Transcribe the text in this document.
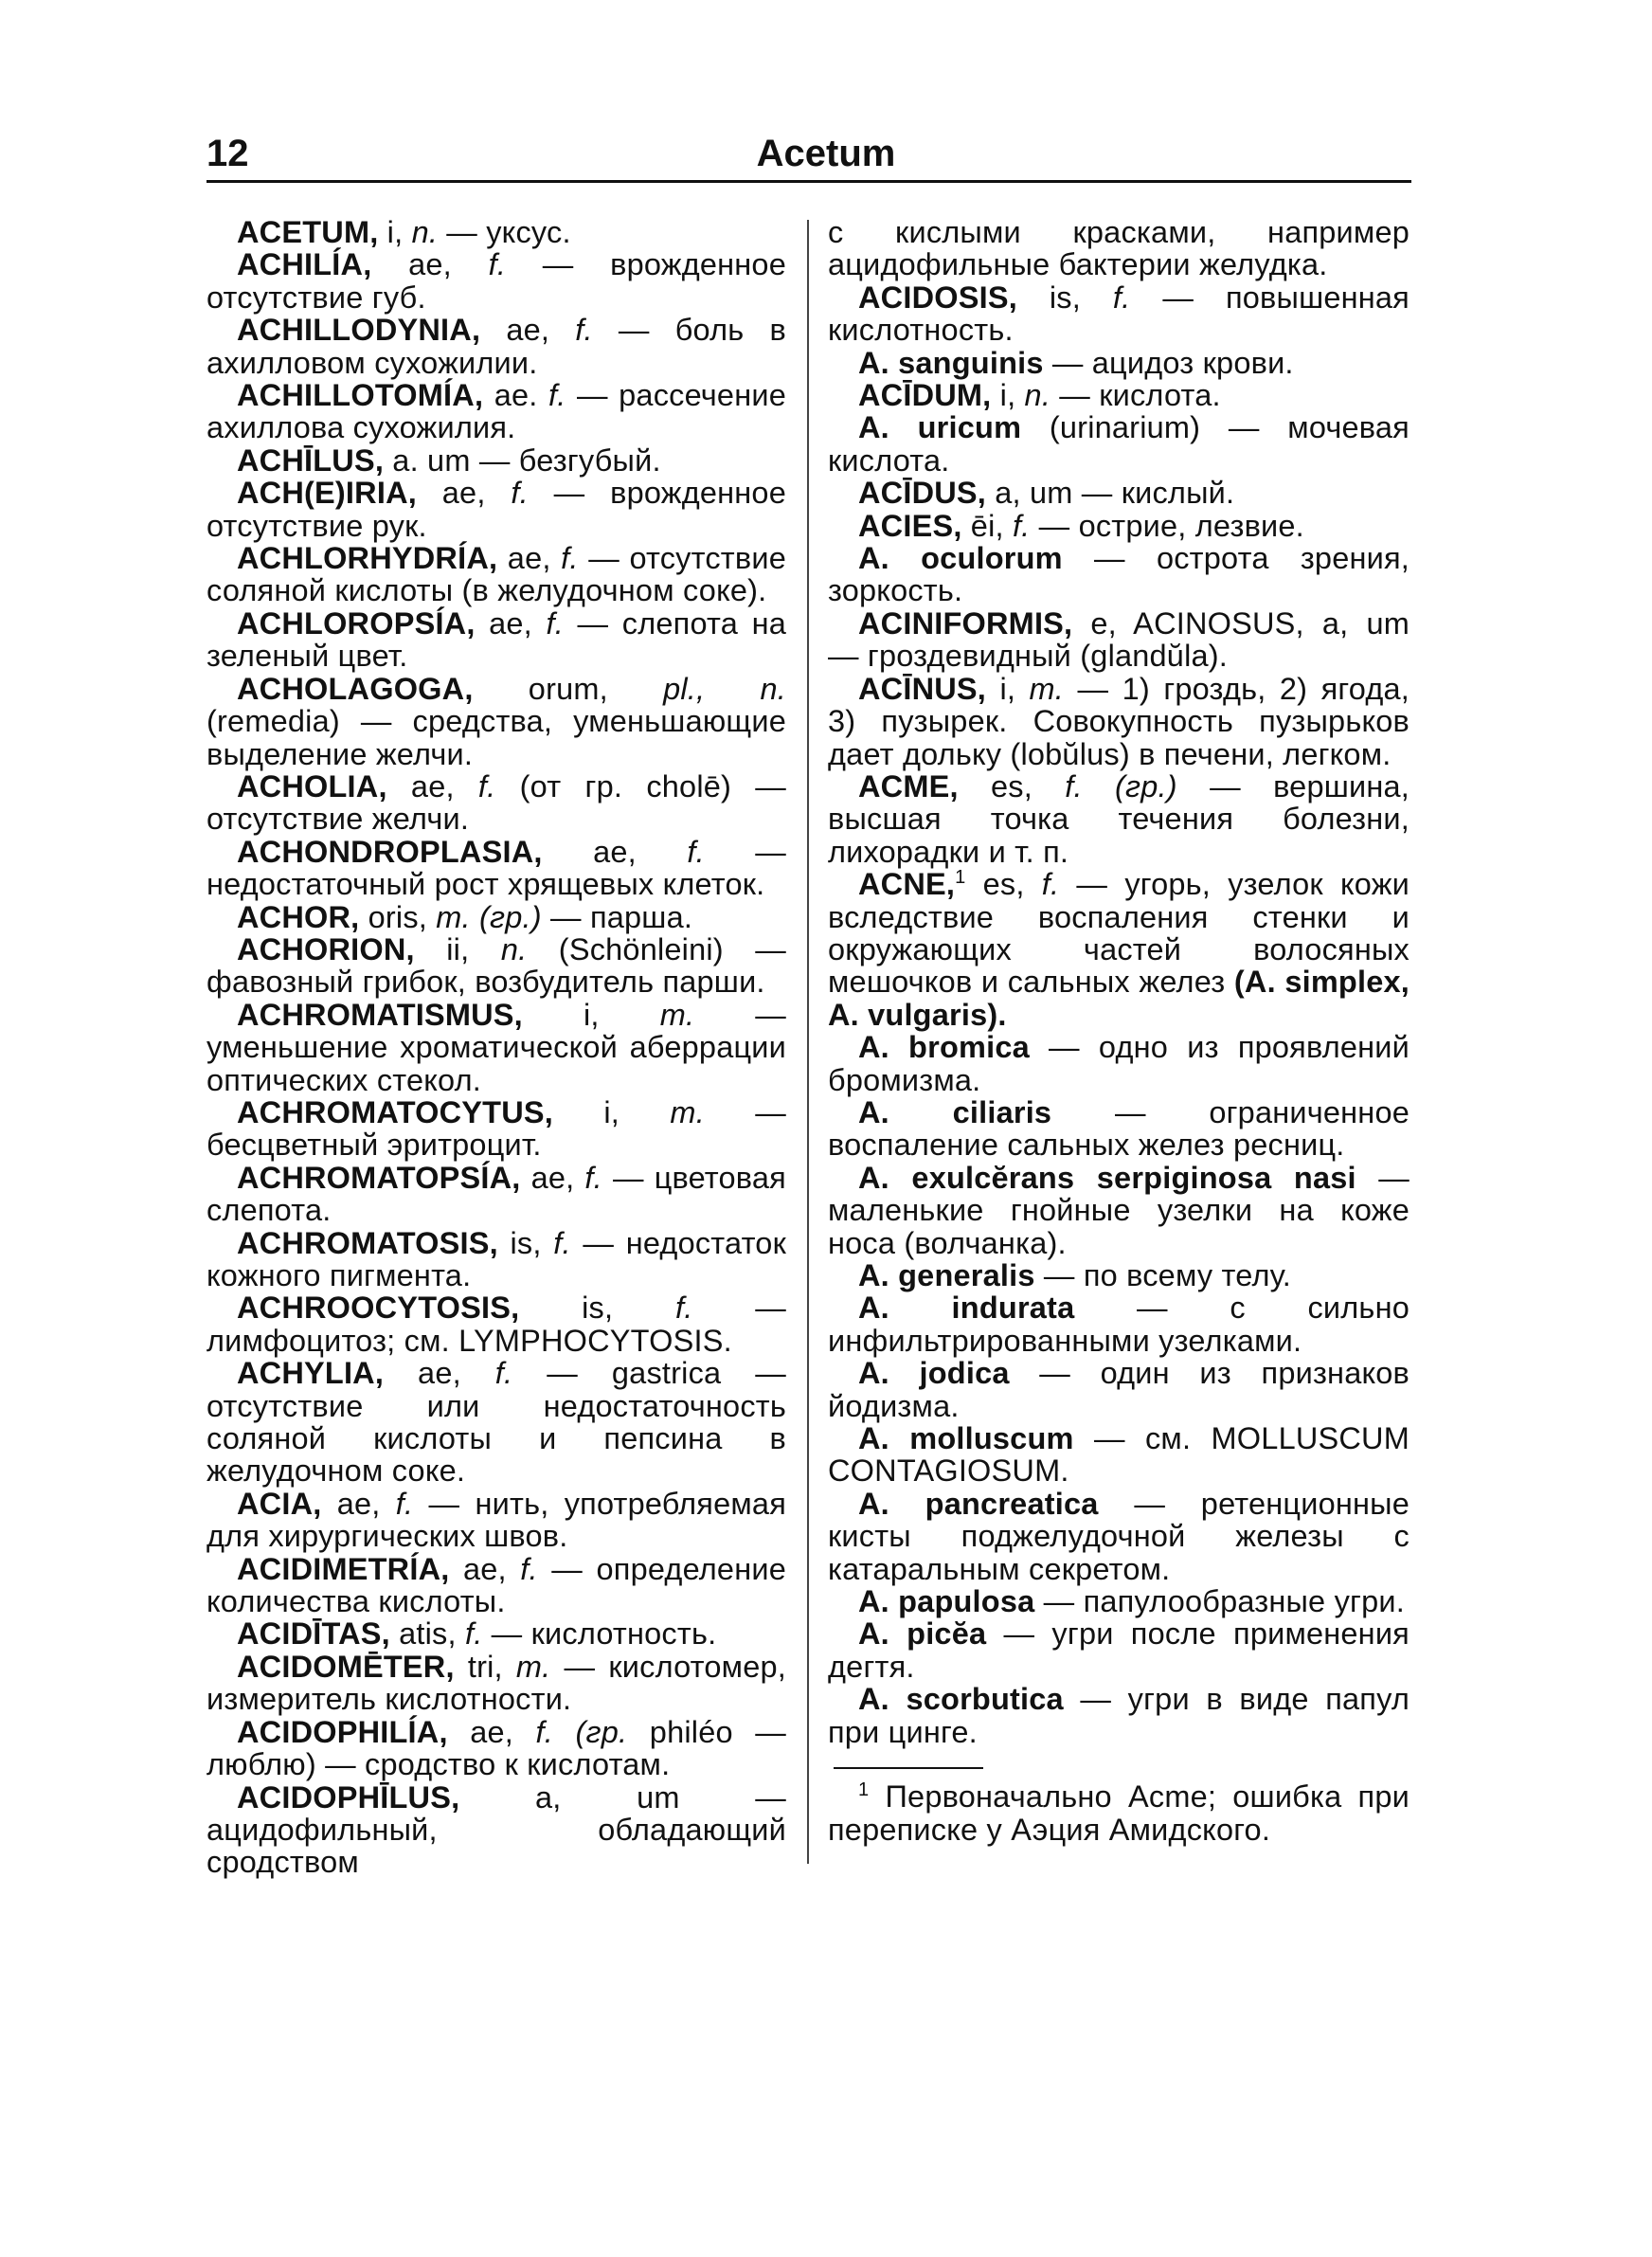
12	Acetum

ACETUM, i, n. — уксус.

ACHILÍA, ae, f. — врожденное отсутствие губ.

ACHILLODYNIA, ae, f. — боль в ахилловом сухожилии.

ACHILLOTOMÍA, ae. f. — рассечение ахиллова сухожилия.

ACHĪLUS, a. um — безгубый.

ACH(E)IRIA, ae, f. — врожденное отсутствие рук.

ACHLORHYDRÍA, ae, f. — отсутствие соляной кислоты (в желудочном соке).

ACHLOROPSÍA, ae, f. — слепота на зеленый цвет.

ACHOLAGOGA, orum, pl., n. (remedia) — средства, уменьшающие выделение желчи.

ACHOLIA, ae, f. (от гр. cholē) — отсутствие желчи.

ACHONDROPLASIA, ae, f. — недостаточный рост хрящевых клеток.

ACHOR, oris, m. (гр.) — парша.

ACHORION, ii, n. (Schönleini) — фавозный грибок, возбудитель парши.

ACHROMATISMUS, i, m. — уменьшение хроматической аберрации оптических стекол.

ACHROMATOCYTUS, i, m. — бесцветный эритроцит.

ACHROMATOPSÍA, ae, f. — цветовая слепота.

ACHROMATOSIS, is, f. — недостаток кожного пигмента.

ACHROOCYTOSIS, is, f. — лимфоцитоз; см. LYMPHOCYTOSIS.

ACHYLIA, ae, f. — gastrica — отсутствие или недостаточность соляной кислоты и пепсина в желудочном соке.

ACIA, ae, f. — нить, употребляемая для хирургических швов.

ACIDIMETRÍA, ae, f. — определение количества кислоты.

ACIDĪTAS, atis, f. — кислотность.

ACIDOMĒTER, tri, m. — кислотомер, измеритель кислотности.

ACIDOPHILÍA, ae, f. (гр. philéo — люблю) — сродство к кислотам.

ACIDOPHĪLUS, a, um — ацидофильный, обладающий сродством

с кислыми красками, например ацидофильные бактерии желудка.

ACIDOSIS, is, f. — повышенная кислотность.

A. sanguinis — ацидоз крови.

ACĪDUM, i, n. — кислота.

A. uricum (urinarium) — мочевая кислота.

ACĪDUS, a, um — кислый.

ACIES, ēi, f. — острие, лезвие.

A. oculorum — острота зрения, зоркость.

ACINIFORMIS, e, ACINOSUS, a, um — гроздевидный (glandŭla).

ACĪNUS, i, m. — 1) гроздь, 2) ягода, 3) пузырек. Совокупность пузырьков дает дольку (lobŭlus) в печени, легком.

ACME, es, f. (гр.) — вершина, высшая точка течения болезни, лихорадки и т. п.

ACNE,$^1$ es, f. — угорь, узелок кожи вследствие воспаления стенки и окружающих частей волосяных мешочков и сальных желез (A. simplex, A. vulgaris).

A. bromica — одно из проявлений бромизма.

A. ciliaris — ограниченное воспаление сальных желез ресниц.

A. exulcĕrans serpiginosa nasi — маленькие гнойные узелки на коже носа (волчанка).

A. generalis — по всему телу.

A. indurata — с сильно инфильтрированными узелками.

A. jodica — один из признаков йодизма.

A. molluscum — см. MOLLUSCUM CONTAGIOSUM.

A. pancreatica — ретенционные кисты поджелудочной железы с катаральным секретом.

A. papulosa — папулообразные угри.

A. picĕa — угри после применения дегтя.

A. scorbutica — угри в виде папул при цинге.

$^1$ Первоначально Acme; ошибка при переписке у Аэция Амидского.
